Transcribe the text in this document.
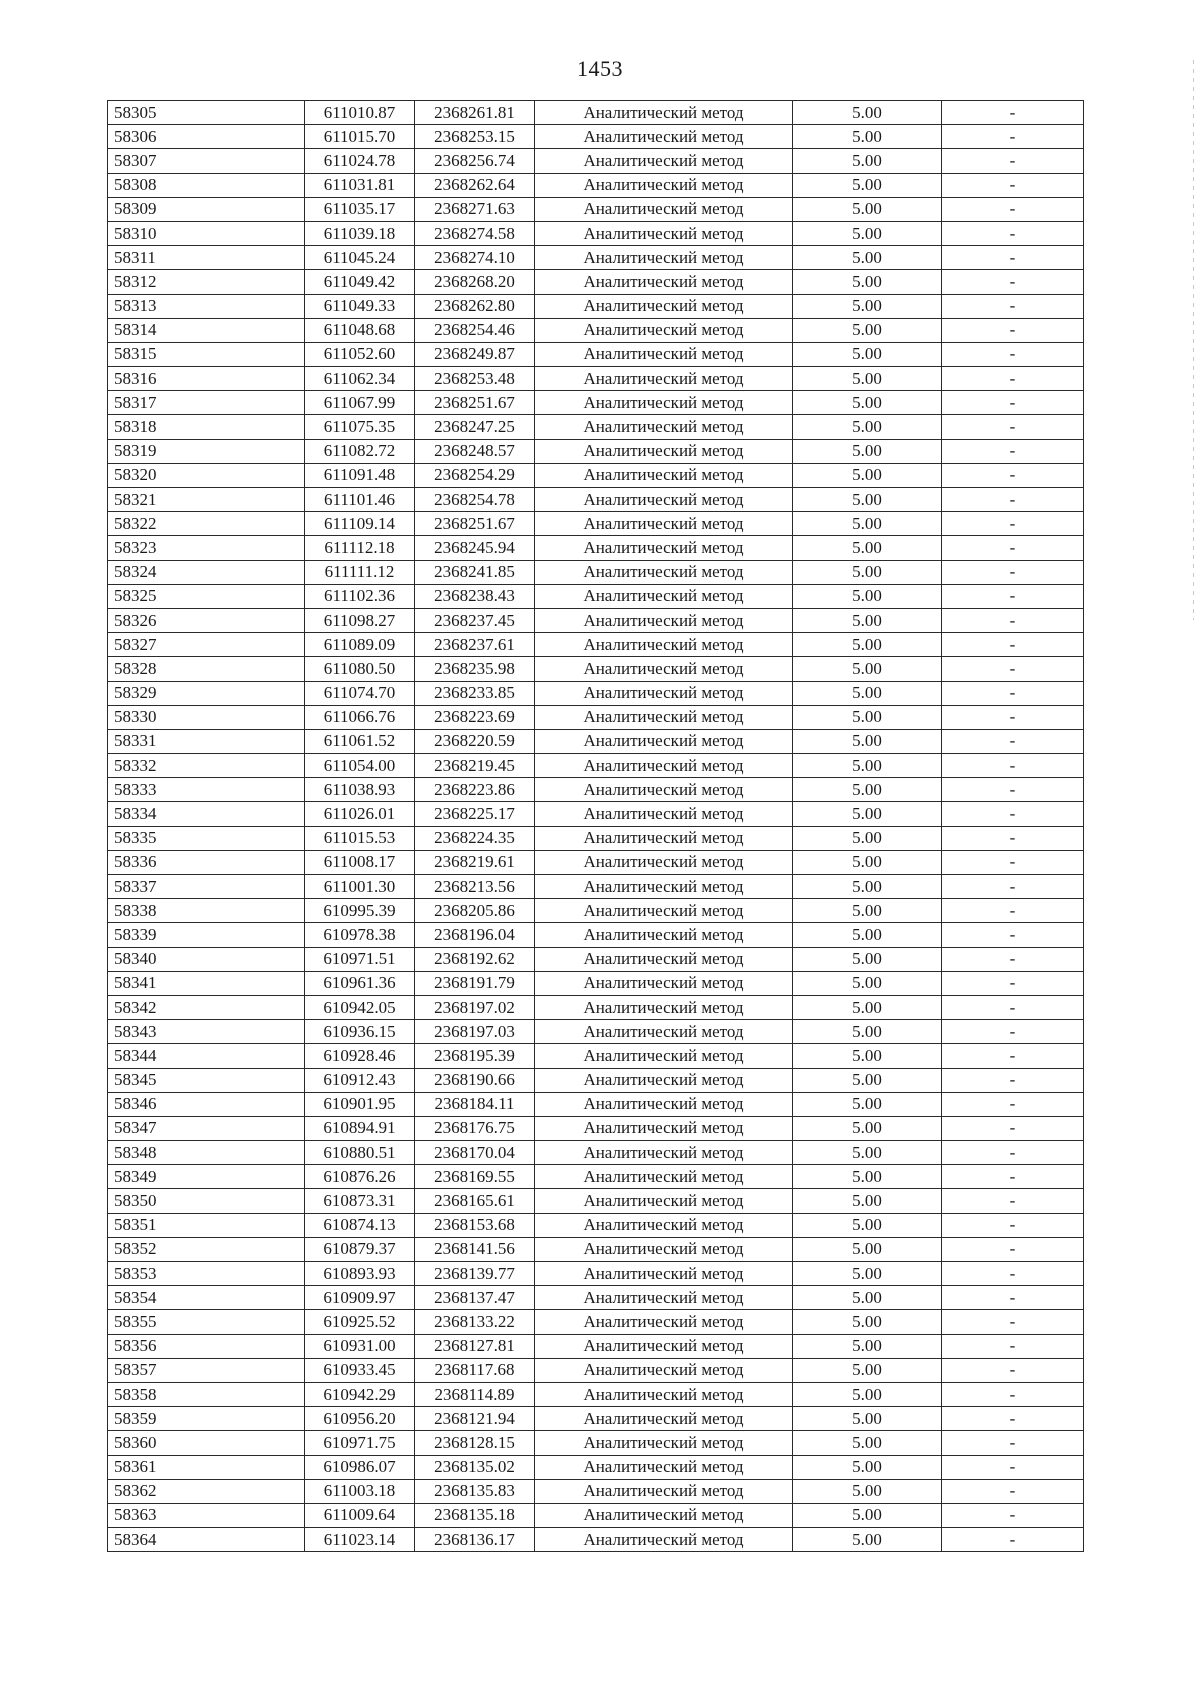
1453
58305	611010.87	2368261.81	Аналитический метод	5.00	-
58306	611015.70	2368253.15	Аналитический метод	5.00	-
58307	611024.78	2368256.74	Аналитический метод	5.00	-
58308	611031.81	2368262.64	Аналитический метод	5.00	-
58309	611035.17	2368271.63	Аналитический метод	5.00	-
58310	611039.18	2368274.58	Аналитический метод	5.00	-
58311	611045.24	2368274.10	Аналитический метод	5.00	-
58312	611049.42	2368268.20	Аналитический метод	5.00	-
58313	611049.33	2368262.80	Аналитический метод	5.00	-
58314	611048.68	2368254.46	Аналитический метод	5.00	-
58315	611052.60	2368249.87	Аналитический метод	5.00	-
58316	611062.34	2368253.48	Аналитический метод	5.00	-
58317	611067.99	2368251.67	Аналитический метод	5.00	-
58318	611075.35	2368247.25	Аналитический метод	5.00	-
58319	611082.72	2368248.57	Аналитический метод	5.00	-
58320	611091.48	2368254.29	Аналитический метод	5.00	-
58321	611101.46	2368254.78	Аналитический метод	5.00	-
58322	611109.14	2368251.67	Аналитический метод	5.00	-
58323	611112.18	2368245.94	Аналитический метод	5.00	-
58324	611111.12	2368241.85	Аналитический метод	5.00	-
58325	611102.36	2368238.43	Аналитический метод	5.00	-
58326	611098.27	2368237.45	Аналитический метод	5.00	-
58327	611089.09	2368237.61	Аналитический метод	5.00	-
58328	611080.50	2368235.98	Аналитический метод	5.00	-
58329	611074.70	2368233.85	Аналитический метод	5.00	-
58330	611066.76	2368223.69	Аналитический метод	5.00	-
58331	611061.52	2368220.59	Аналитический метод	5.00	-
58332	611054.00	2368219.45	Аналитический метод	5.00	-
58333	611038.93	2368223.86	Аналитический метод	5.00	-
58334	611026.01	2368225.17	Аналитический метод	5.00	-
58335	611015.53	2368224.35	Аналитический метод	5.00	-
58336	611008.17	2368219.61	Аналитический метод	5.00	-
58337	611001.30	2368213.56	Аналитический метод	5.00	-
58338	610995.39	2368205.86	Аналитический метод	5.00	-
58339	610978.38	2368196.04	Аналитический метод	5.00	-
58340	610971.51	2368192.62	Аналитический метод	5.00	-
58341	610961.36	2368191.79	Аналитический метод	5.00	-
58342	610942.05	2368197.02	Аналитический метод	5.00	-
58343	610936.15	2368197.03	Аналитический метод	5.00	-
58344	610928.46	2368195.39	Аналитический метод	5.00	-
58345	610912.43	2368190.66	Аналитический метод	5.00	-
58346	610901.95	2368184.11	Аналитический метод	5.00	-
58347	610894.91	2368176.75	Аналитический метод	5.00	-
58348	610880.51	2368170.04	Аналитический метод	5.00	-
58349	610876.26	2368169.55	Аналитический метод	5.00	-
58350	610873.31	2368165.61	Аналитический метод	5.00	-
58351	610874.13	2368153.68	Аналитический метод	5.00	-
58352	610879.37	2368141.56	Аналитический метод	5.00	-
58353	610893.93	2368139.77	Аналитический метод	5.00	-
58354	610909.97	2368137.47	Аналитический метод	5.00	-
58355	610925.52	2368133.22	Аналитический метод	5.00	-
58356	610931.00	2368127.81	Аналитический метод	5.00	-
58357	610933.45	2368117.68	Аналитический метод	5.00	-
58358	610942.29	2368114.89	Аналитический метод	5.00	-
58359	610956.20	2368121.94	Аналитический метод	5.00	-
58360	610971.75	2368128.15	Аналитический метод	5.00	-
58361	610986.07	2368135.02	Аналитический метод	5.00	-
58362	611003.18	2368135.83	Аналитический метод	5.00	-
58363	611009.64	2368135.18	Аналитический метод	5.00	-
58364	611023.14	2368136.17	Аналитический метод	5.00	-
